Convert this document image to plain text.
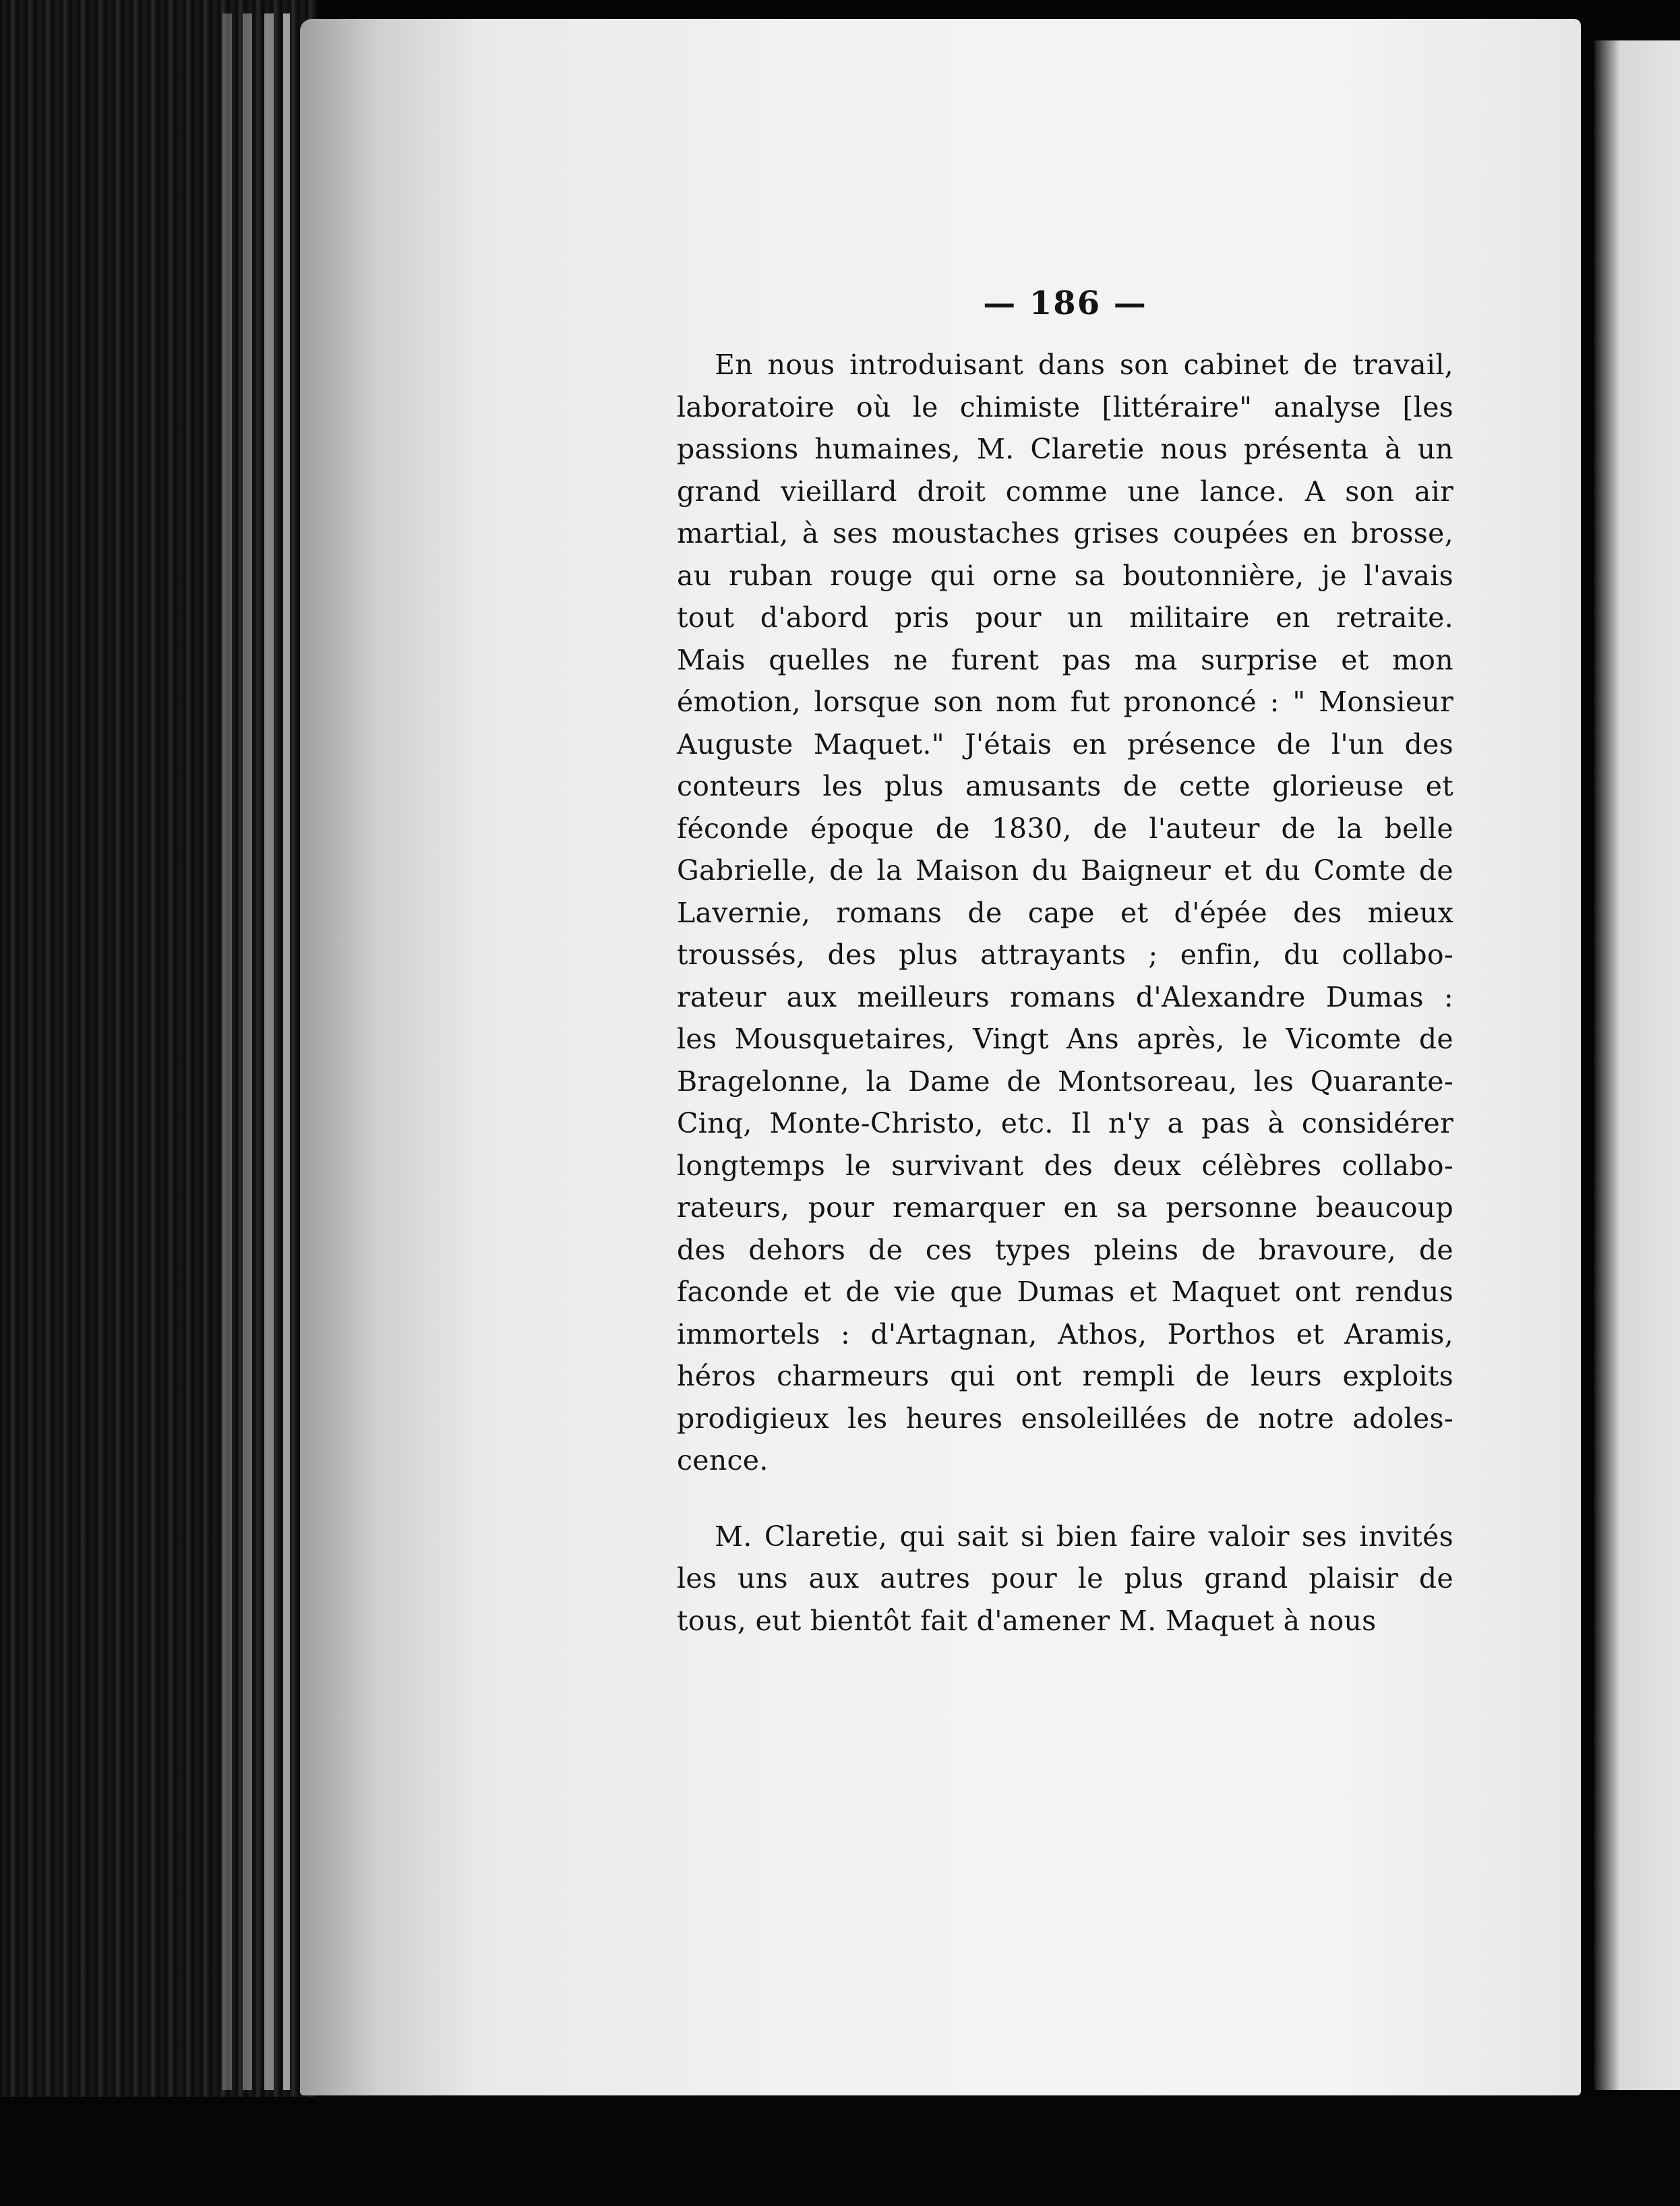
— 186 —
En nous introduisant dans son cabinet de travail,
laboratoire où le chimiste [littéraire" analyse [les
passions humaines, M. Claretie nous présenta à un
grand vieillard droit comme une lance. A son air
martial, à ses moustaches grises coupées en brosse,
au ruban rouge qui orne sa boutonnière, je l'avais
tout d'abord pris pour un militaire en retraite.
Mais quelles ne furent pas ma surprise et mon
émotion, lorsque son nom fut prononcé : " Monsieur
Auguste Maquet." J'étais en présence de l'un des
conteurs les plus amusants de cette glorieuse et
féconde époque de 1830, de l'auteur de la belle
Gabrielle, de la Maison du Baigneur et du Comte de
Lavernie, romans de cape et d'épée des mieux
troussés, des plus attrayants ; enfin, du collabo-
rateur aux meilleurs romans d'Alexandre Dumas :
les Mousquetaires, Vingt Ans après, le Vicomte de
Bragelonne, la Dame de Montsoreau, les Quarante-
Cinq, Monte-Christo, etc. Il n'y a pas à considérer
longtemps le survivant des deux célèbres collabo-
rateurs, pour remarquer en sa personne beaucoup
des dehors de ces types pleins de bravoure, de
faconde et de vie que Dumas et Maquet ont rendus
immortels : d'Artagnan, Athos, Porthos et Aramis,
héros charmeurs qui ont rempli de leurs exploits
prodigieux les heures ensoleillées de notre adoles-
cence.
M. Claretie, qui sait si bien faire valoir ses invités
les uns aux autres pour le plus grand plaisir de
tous, eut bientôt fait d'amener M. Maquet à nous
